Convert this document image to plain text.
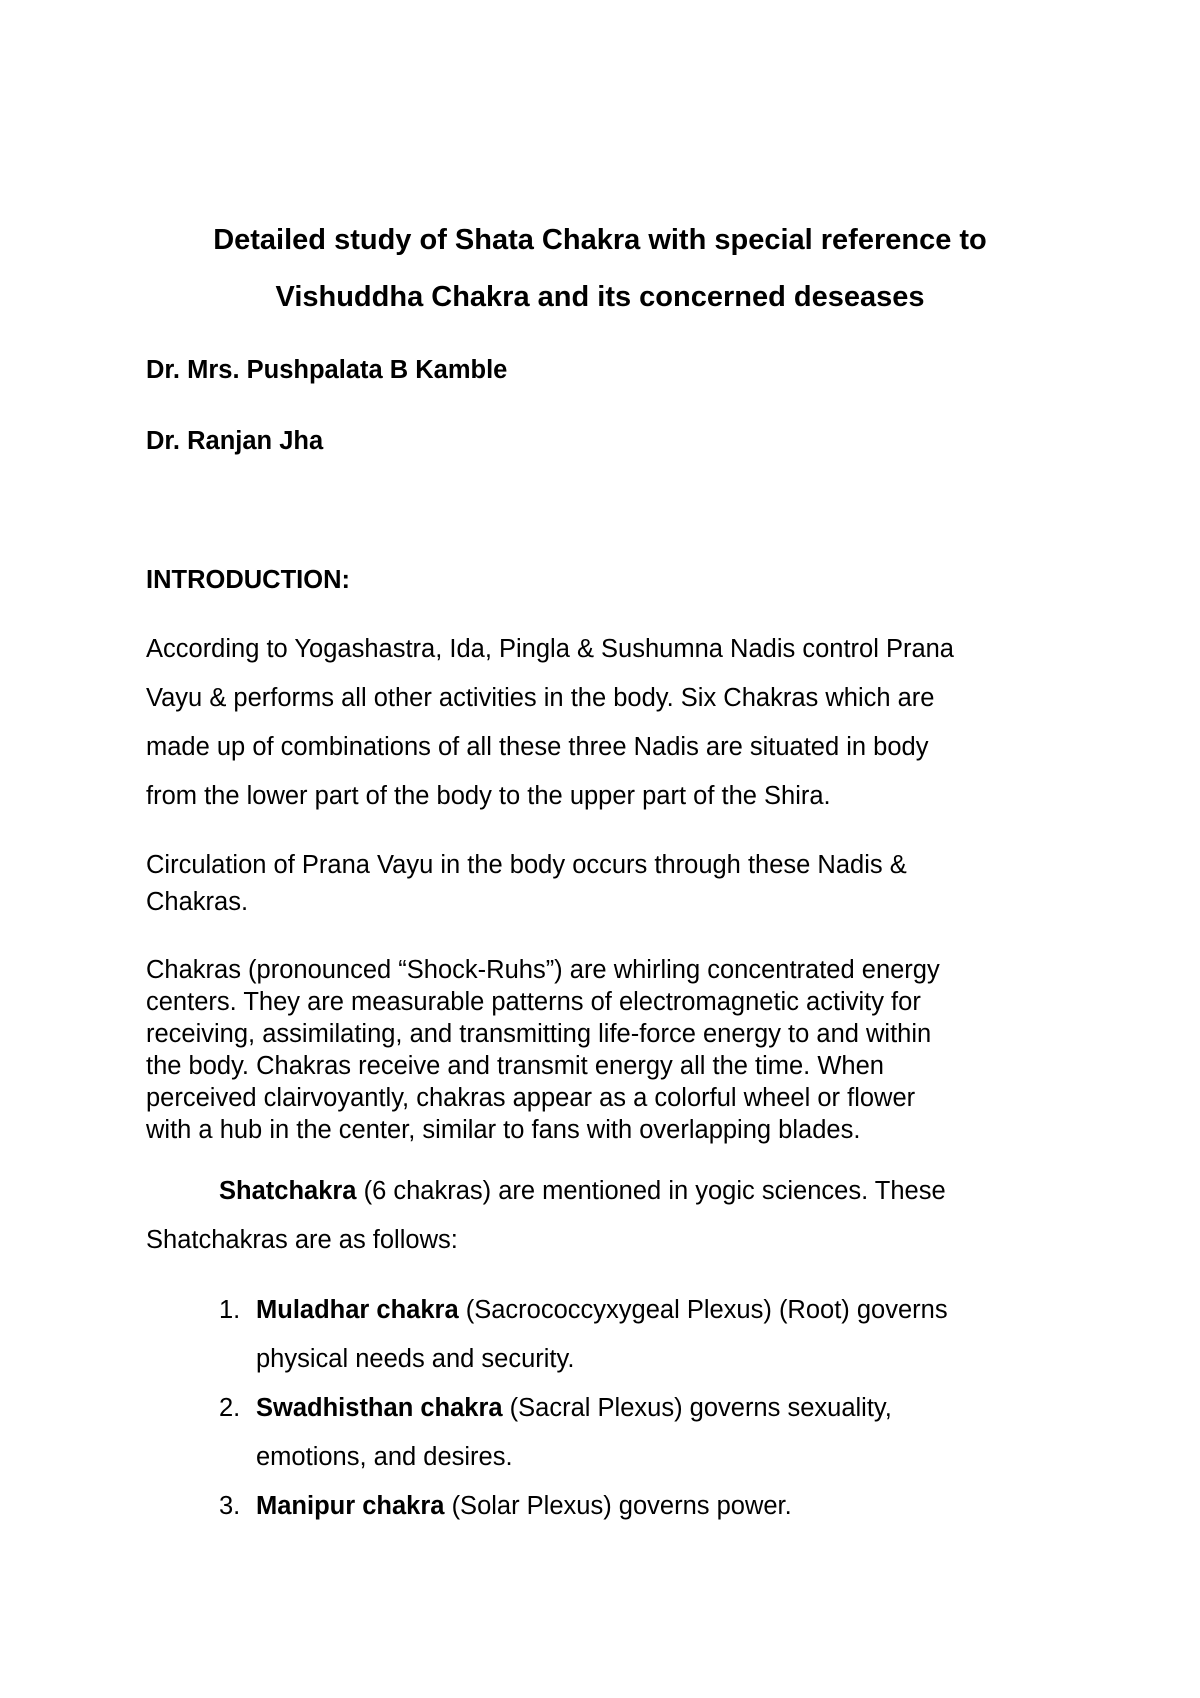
Detailed study of Shata Chakra with special reference to
Vishuddha Chakra and its concerned deseases
Dr. Mrs. Pushpalata B Kamble
Dr. Ranjan Jha
INTRODUCTION:
According to Yogashastra, Ida, Pingla & Sushumna Nadis control Prana
Vayu & performs all other activities in the body. Six Chakras which are
made up of combinations of all these three Nadis are situated in body
from the lower part of the body to the upper part of the Shira.
Circulation of Prana Vayu in the body occurs through these Nadis &
Chakras.
Chakras (pronounced “Shock-Ruhs”) are whirling concentrated energy
centers. They are measurable patterns of electromagnetic activity for
receiving, assimilating, and transmitting life-force energy to and within
the body. Chakras receive and transmit energy all the time. When
perceived clairvoyantly, chakras appear as a colorful wheel or flower
with a hub in the center, similar to fans with overlapping blades.
Shatchakra (6 chakras) are mentioned in yogic sciences. These
Shatchakras are as follows:
1. Muladhar chakra (Sacrococcyxygeal Plexus) (Root) governs
physical needs and security.
2. Swadhisthan chakra (Sacral Plexus) governs sexuality,
emotions, and desires.
3. Manipur chakra (Solar Plexus) governs power.
